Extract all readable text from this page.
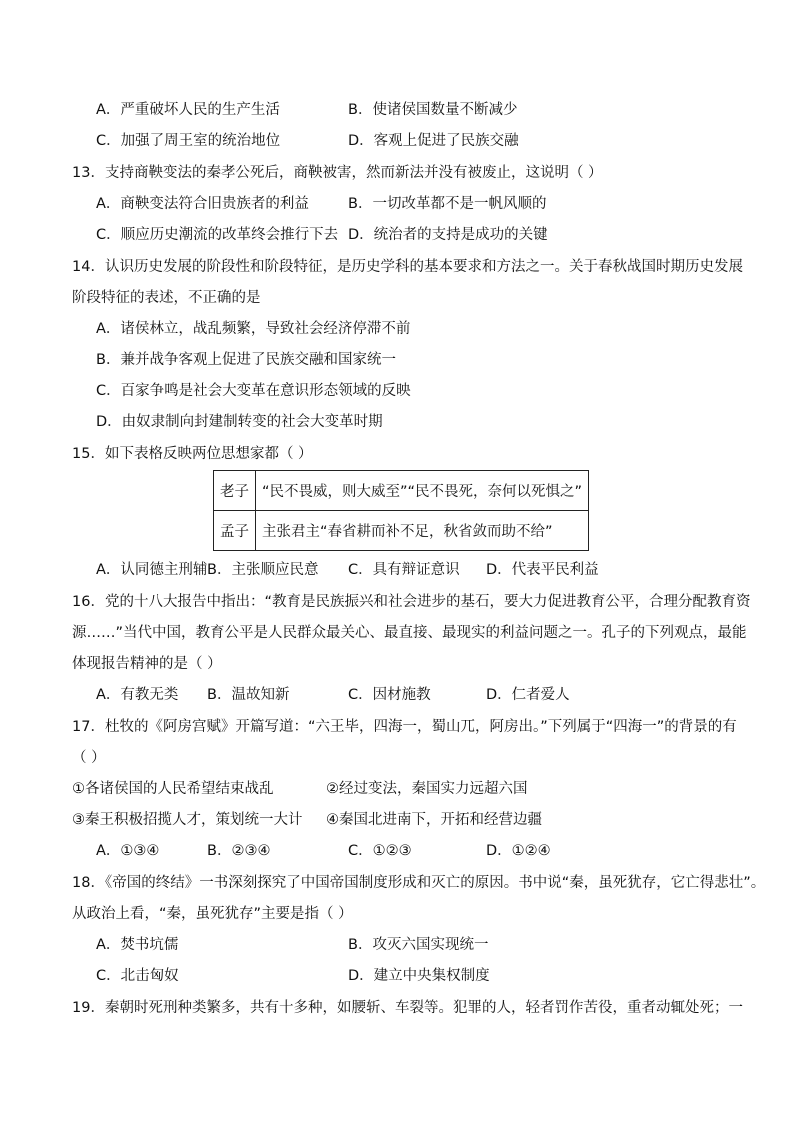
A．严重破坏人民的生产生活	B．使诸侯国数量不断减少
C．加强了周王室的统治地位	D．客观上促进了民族交融
13．支持商鞅变法的秦孝公死后，商鞅被害，然而新法并没有被废止，这说明（ ）
A．商鞅变法符合旧贵族者的利益	B．一切改革都不是一帆风顺的
C．顺应历史潮流的改革终会推行下去 D．统治者的支持是成功的关键
14．认识历史发展的阶段性和阶段特征，是历史学科的基本要求和方法之一。关于春秋战国时期历史发展
阶段特征的表述，不正确的是
A．诸侯林立，战乱频繁，导致社会经济停滞不前
B．兼并战争客观上促进了民族交融和国家统一
C．百家争鸣是社会大变革在意识形态领域的反映
D．由奴隶制向封建制转变的社会大变革时期
15．如下表格反映两位思想家都（ ）
老子	“民不畏威，则大威至”“民不畏死，奈何以死惧之”
孟子	主张君主“春省耕而补不足，秋省敛而助不给”
A．认同德主刑辅 B．主张顺应民意 C．具有辩证意识 D．代表平民利益
16．党的十八大报告中指出：“教育是民族振兴和社会进步的基石，要大力促进教育公平，合理分配教育资
源……”当代中国，教育公平是人民群众最关心、最直接、最现实的利益问题之一。孔子的下列观点，最能
体现报告精神的是（ ）
A．有教无类 B．温故知新	C．因材施教	D．仁者爱人
17．杜牧的《阿房宫赋》开篇写道：“六王毕，四海一，蜀山兀，阿房出。”下列属于“四海一”的背景的有
（ ）
①各诸侯国的人民希望结束战乱	②经过变法，秦国实力远超六国
③秦王积极招揽人才，策划统一大计 ④秦国北进南下，开拓和经营边疆
A．①③④	B．②③④	C．①②③	D．①②④
18．《帝国的终结》一书深刻探究了中国帝国制度形成和灭亡的原因。书中说“秦，虽死犹存，它亡得悲壮”。
从政治上看，“秦，虽死犹存”主要是指（ ）
A．焚书坑儒	B．攻灭六国实现统一
C．北击匈奴	D．建立中央集权制度
19．秦朝时死刑种类繁多，共有十多种，如腰斩、车裂等。犯罪的人，轻者罚作苦役，重者动辄处死；一
